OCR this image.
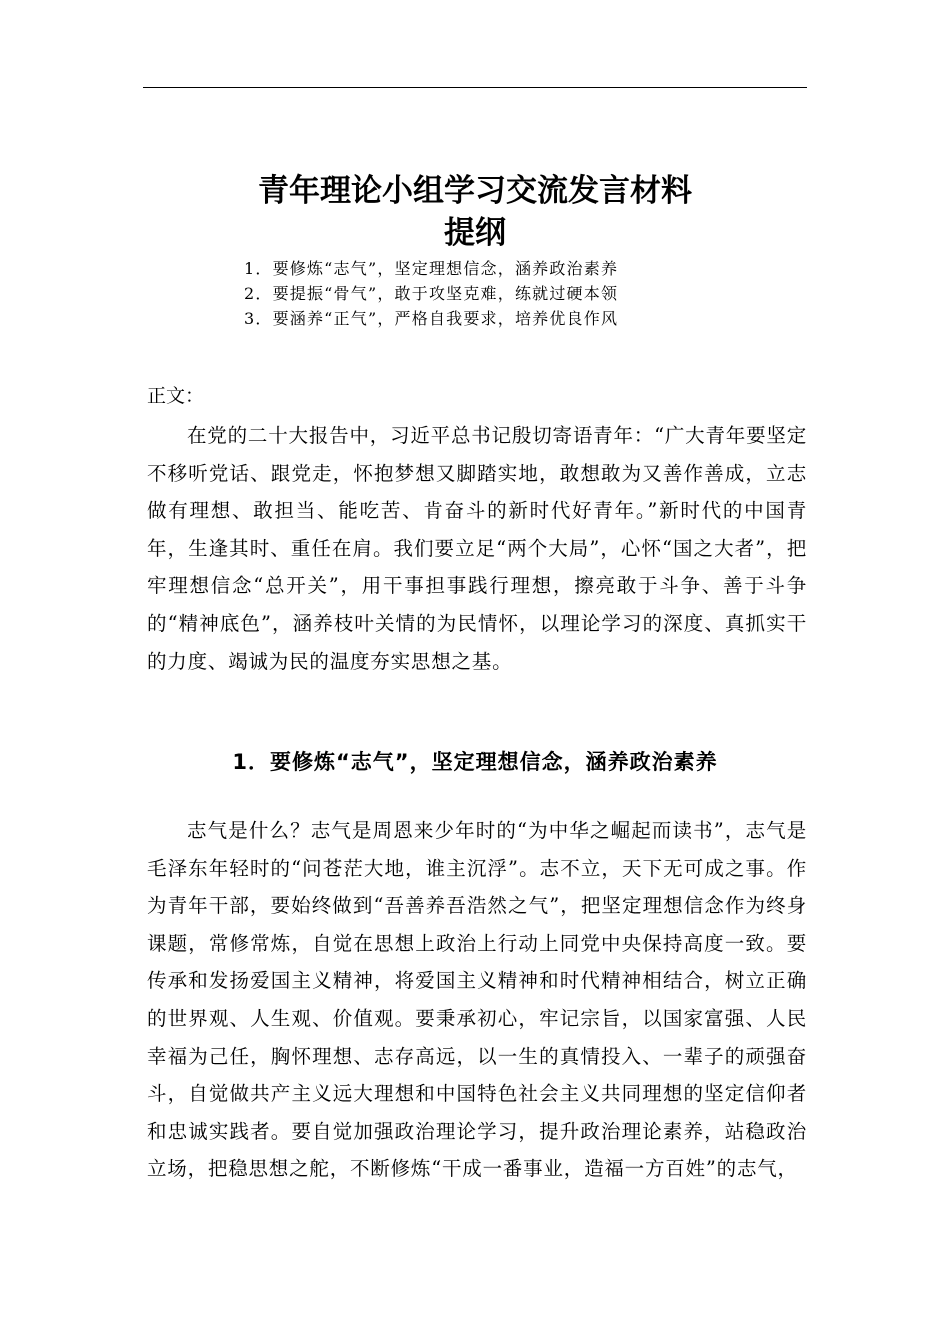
青年理论小组学习交流发言材料
提纲
1．要修炼“志气”，坚定理想信念，涵养政治素养
2．要提振“骨气”，敢于攻坚克难，练就过硬本领
3．要涵养“正气”，严格自我要求，培养优良作风

正文：

在党的二十大报告中，习近平总书记殷切寄语青年：“广大青年要坚定不移听党话、跟党走，怀抱梦想又脚踏实地，敢想敢为又善作善成，立志做有理想、敢担当、能吃苦、肯奋斗的新时代好青年。”新时代的中国青年，生逢其时、重任在肩。我们要立足“两个大局”，心怀“国之大者”，把牢理想信念“总开关”，用干事担事践行理想，擦亮敢于斗争、善于斗争的“精神底色”，涵养枝叶关情的为民情怀，以理论学习的深度、真抓实干的力度、竭诚为民的温度夯实思想之基。

1．要修炼“志气”，坚定理想信念，涵养政治素养

志气是什么？志气是周恩来少年时的“为中华之崛起而读书”，志气是毛泽东年轻时的“问苍茫大地，谁主沉浮”。志不立，天下无可成之事。作为青年干部，要始终做到“吾善养吾浩然之气”，把坚定理想信念作为终身课题，常修常炼，自觉在思想上政治上行动上同党中央保持高度一致。要传承和发扬爱国主义精神，将爱国主义精神和时代精神相结合，树立正确的世界观、人生观、价值观。要秉承初心，牢记宗旨，以国家富强、人民幸福为己任，胸怀理想、志存高远，以一生的真情投入、一辈子的顽强奋斗，自觉做共产主义远大理想和中国特色社会主义共同理想的坚定信仰者和忠诚实践者。要自觉加强政治理论学习，提升政治理论素养，站稳政治立场，把稳思想之舵，不断修炼“干成一番事业，造福一方百姓”的志气，
